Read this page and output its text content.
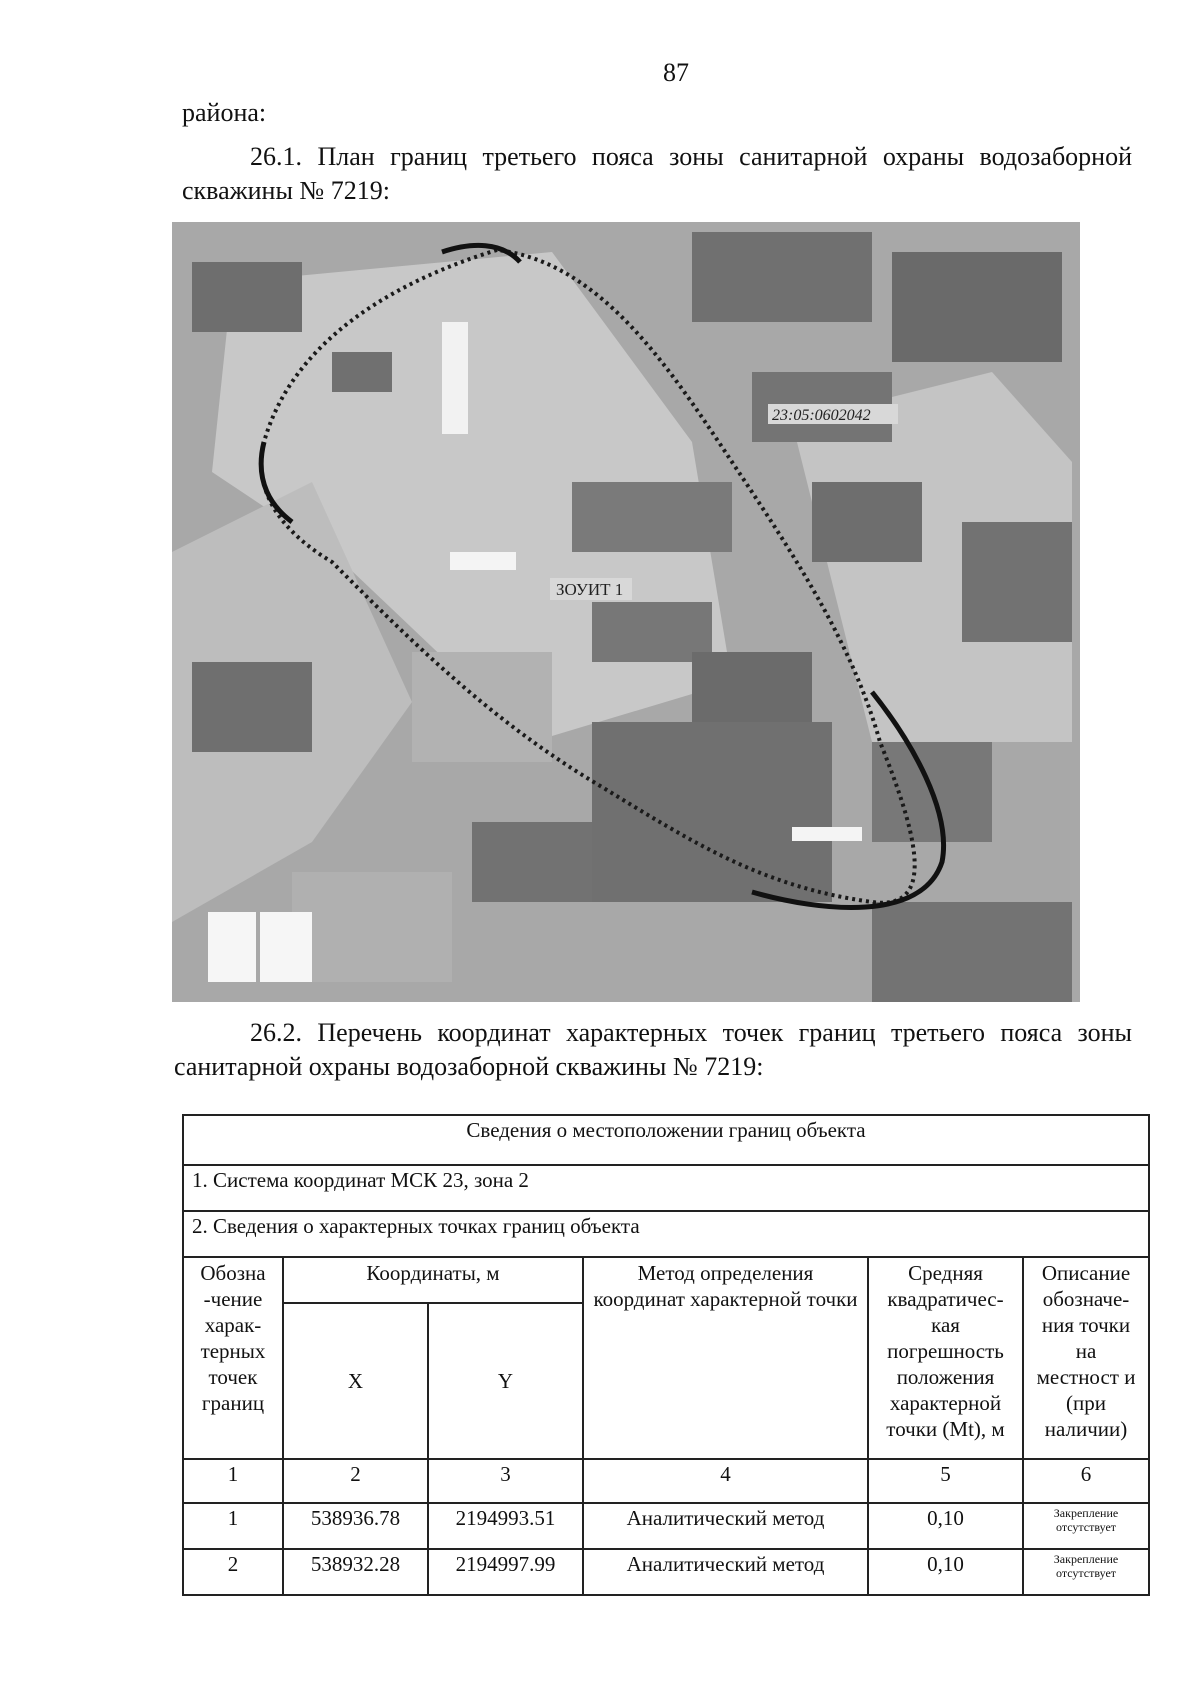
87
района:
26.1. План границ третьего пояса зоны санитарной охраны водозаборной скважины № 7219:
23:05:0602042
ЗОУИТ 1
26.2. Перечень координат характерных точек границ третьего пояса зоны санитарной охраны водозаборной скважины № 7219:
Сведения о местоположении границ объекта					
1. Система координат МСК 23, зона 2					
2. Сведения о характерных точках границ объекта					
Обозна -чение харак- терных точек границ	Координаты, м		Метод определения координат характерной точки	Средняя квадратичес- кая погрешность положения характерной точки (Mt), м	Описание обозначе- ния точки на местност и (при наличии)
	X	Y			
1	2	3	4	5	6
1	538936.78	2194993.51	Аналитический метод	0,10	Закрепление отсутствует
2	538932.28	2194997.99	Аналитический метод	0,10	Закрепление отсутствует
